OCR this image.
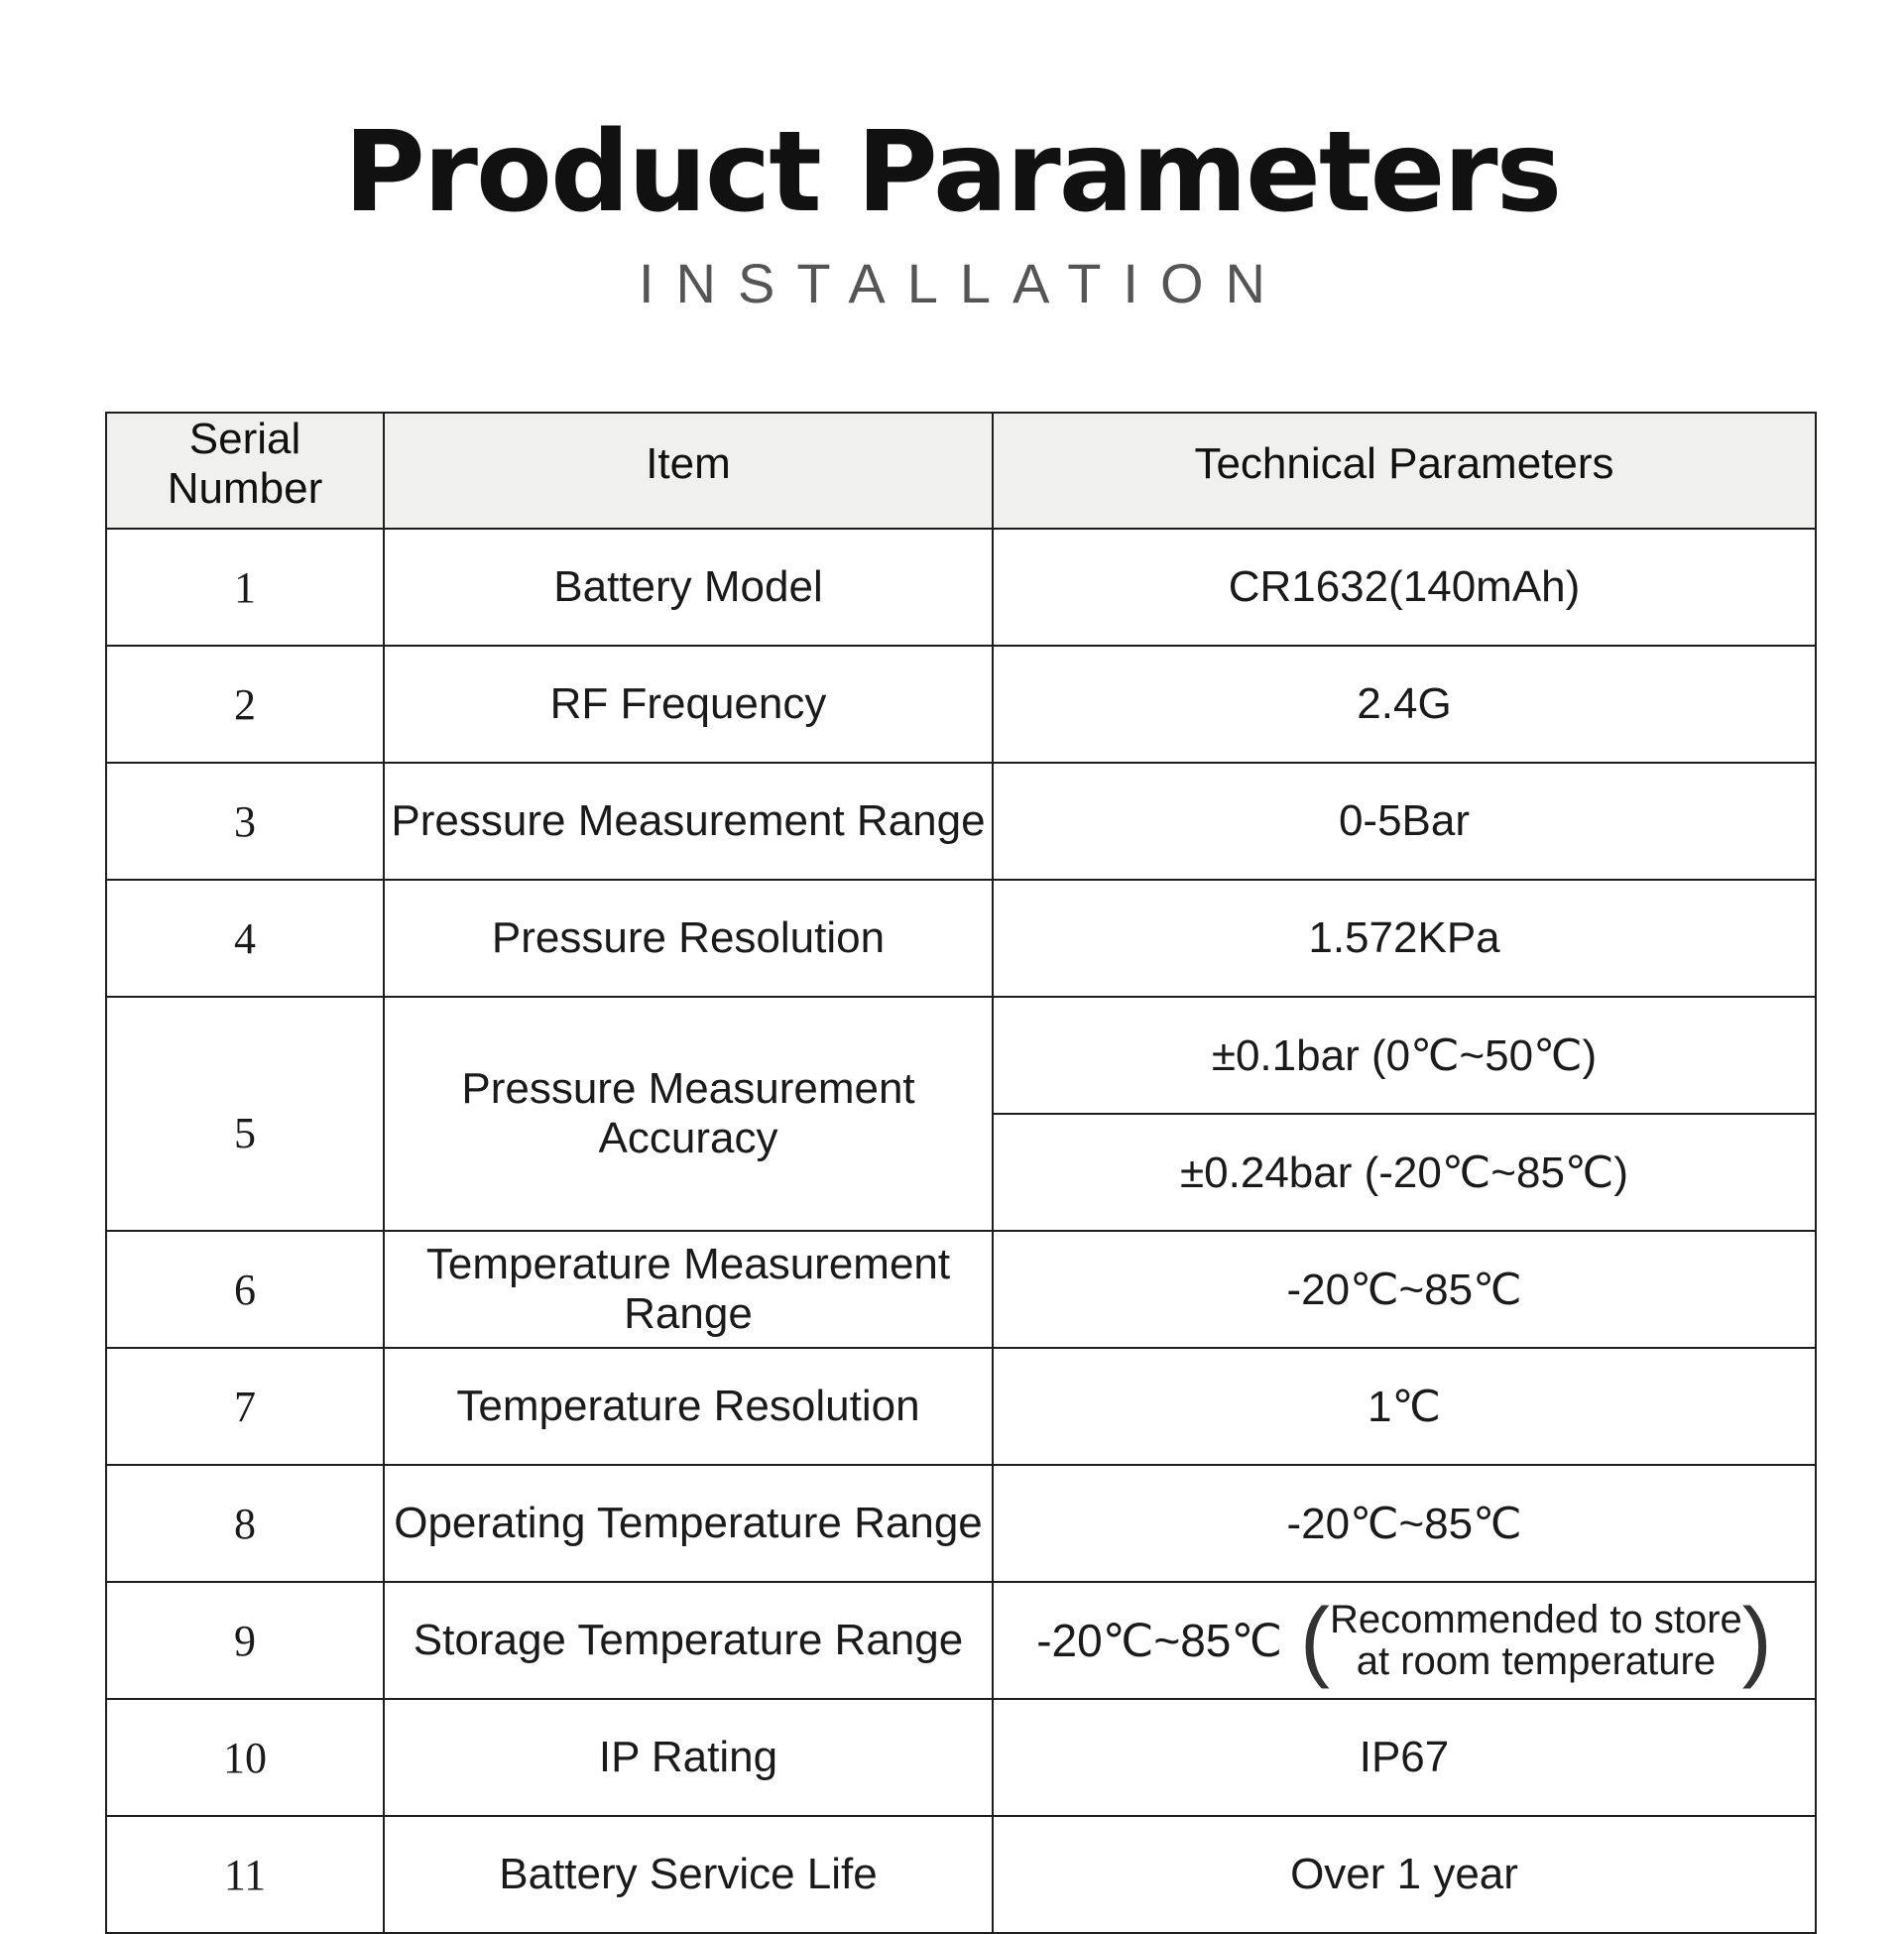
Product Parameters
INSTALLATION
Serial Number	Item	Technical Parameters
1	Battery Model	CR1632(140mAh)
2	RF Frequency	2.4G
3	Pressure Measurement Range	0-5Bar
4	Pressure Resolution	1.572KPa
5	Pressure Measurement Accuracy	±0.1bar (0℃~50℃)
		±0.24bar (-20℃~85℃)
6	Temperature Measurement Range	-20℃~85℃
7	Temperature Resolution	1℃
8	Operating Temperature Range	-20℃~85℃
9	Storage Temperature Range	-20℃~85℃ ( Recommended to store
at room temperature )

10	IP Rating	IP67
11	Battery Service Life	Over 1 year
